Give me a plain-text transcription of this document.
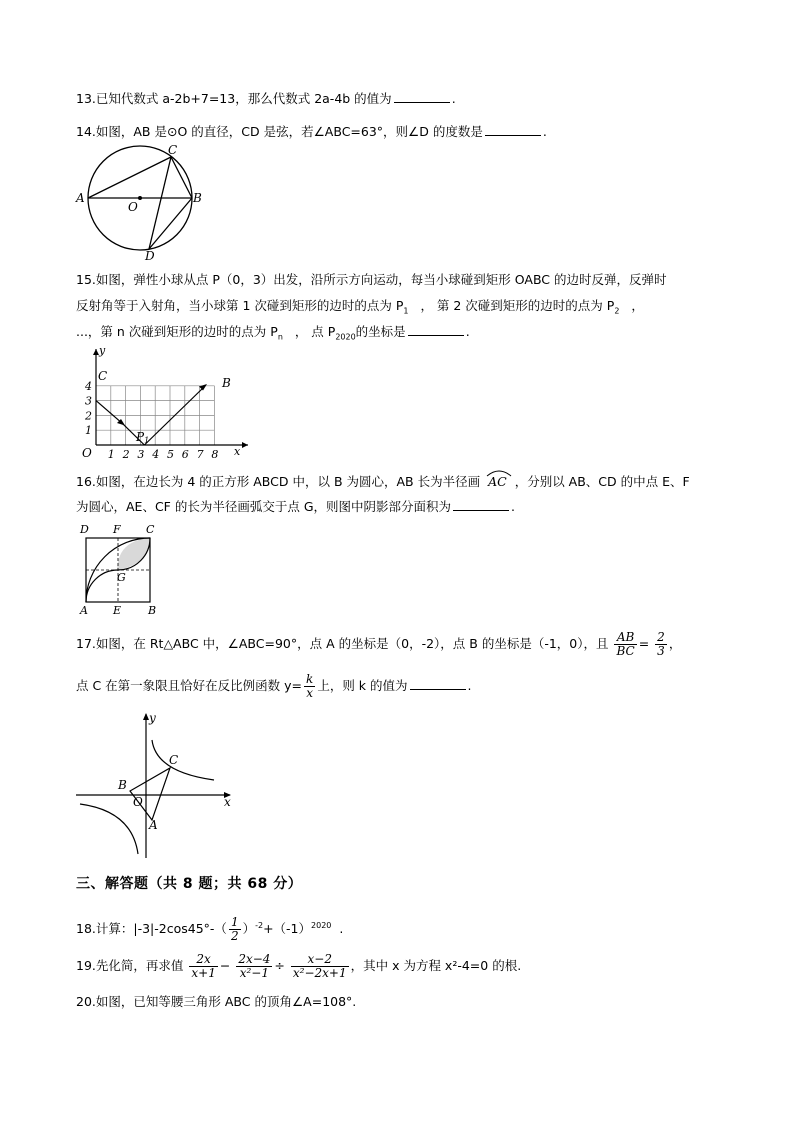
13.已知代数式 a-2b+7=13，那么代数式 2a-4b 的值为	.
14.如图，AB 是⊙O 的直径，CD 是弦，若∠ABC=63°，则∠D 的度数是	.
A	B
C
D
O
15.如图，弹性小球从点 P（0，3）出发，沿所示方向运动，每当小球碰到矩形 OABC 的边时反弹，反弹时
反射角等于入射角，当小球第 1 次碰到矩形的边时的点为 $P_1$ ， 第 2 次碰到矩形的边时的点为 $P_2$ ，
...，第 n 次碰到矩形的边时的点为 $P_n$ ， 点 $P_{2020}$的坐标是	.
y
x
O
C	B
P1
1 2 3 4 5 6 7 8
1
2
3
4
16.如图，在边长为 4 的正方形 ABCD 中，以 B 为圆心，AB 长为半径画 AC ，分别以 AB、CD 的中点 E、F
为圆心，AE、CF 的长为半径画弧交于点 G，则图中阴影部分面积为	.
D F C
G
A E B
17.如图，在 Rt△ABC 中，∠ABC=90°，点 A 的坐标是（0，-2），点 B 的坐标是（-1，0），且 $\frac{AB}{BC} = \frac{2}{3}$ ，
点 C 在第一象限且恰好在反比例函数 $y= \frac{k}{x}$ 上，则 k 的值为	.
y
x
B
C
O
A
三、解答题（共 8 题；共 68 分）
18.计算：$|-3|-2\cos 45^\circ-( \frac{1}{2} )^{-2}+(-1)^{2020}$ .
19.先化简，再求值 $\frac{2x}{x+1} - \frac{2x-4}{\text{x²−1}} \div \frac{x-2}{\text{x²−2x+1}}$ ，其中 x 为方程 x²-4=0 的根.
20.如图，已知等腰三角形 ABC 的顶角∠A=108°.
